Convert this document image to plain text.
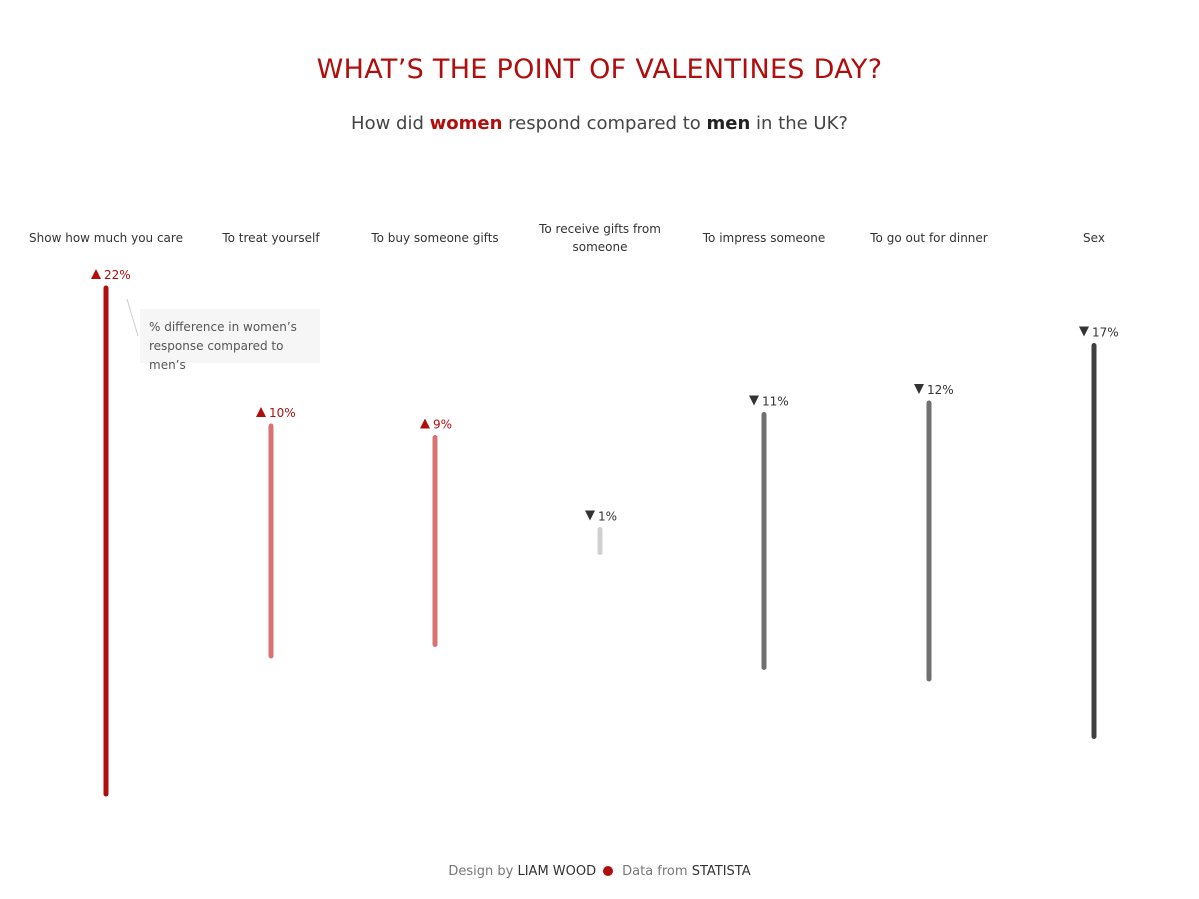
WHAT’S THE POINT OF VALENTINES DAY?
How did women respond compared to men in the UK?
Show how much you care
22%
To treat yourself
10%
To buy someone gifts
9%
To receive gifts from someone
1%
To impress someone
11%
To go out for dinner
12%
Sex
17%
% difference in women’s
response compared to men’s
Design by LIAM WOOD Data from STATISTA
